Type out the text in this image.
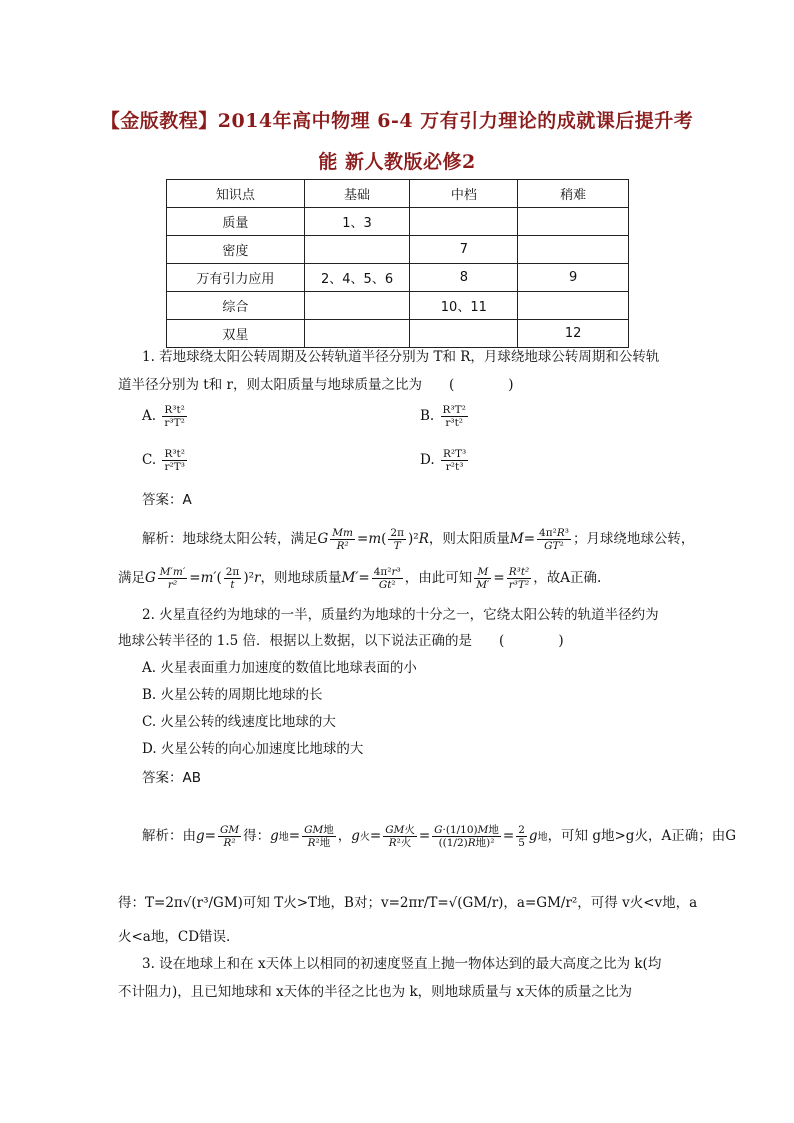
【金版教程】2014年高中物理 6-4 万有引力理论的成就课后提升考
能 新人教版必修2
知识点	基础	中档	稍难
质量	1、3		
密度		7	
万有引力应用	2、4、5、6	8	9
综合		10、11	
双星			12
1. 若地球绕太阳公转周期及公转轨道半径分别为 T和 R，月球绕地球公转周期和公转轨
道半径分别为 t和 r，则太阳质量与地球质量之比为　　(　　　　)
A. $\frac{\text{R³t²}}{\text{r³T²}}$	B. $\frac{\text{R³T²}}{\text{r³t²}}$
C. $\frac{\text{R³t²}}{\text{r²T³}}$	D. $\frac{\text{R²T³}}{\text{r²t³}}$
答案：A
解析：地球绕太阳公转，满足G $\frac{Mm}{\text{R²}} =m( \frac{2\pi}{T} )^2R$，则太阳质量$M= \frac{\text{4π²R³}}{\text{GT²}}$ ；月球绕地球公转，
满足G $\frac{M'm'}{\text{r²}} =m'( \frac{2\pi}{t} )^2r$，则地球质量$M'= \frac{\text{4π²r³}}{\text{Gt²}}$ ，由此可知 $\frac{M}{M'} = \frac{\text{R³t²}}{\text{r³T²}}$ ，故A正确.
2. 火星直径约为地球的一半，质量约为地球的十分之一，它绕太阳公转的轨道半径约为
地球公转半径的 1.5 倍．根据以上数据，以下说法正确的是　　(　　　　)
A. 火星表面重力加速度的数值比地球表面的小
B. 火星公转的周期比地球的长
C. 火星公转的线速度比地球的大
D. 火星公转的向心加速度比地球的大
答案：AB
解析：由$g= \frac{GM}{\text{R²}}$ 得：g地= $\frac{\text{GM地}}{\text{R²地}}$ ，g火= $\frac{\text{GM火}}{\text{R²火}} = \frac{\text{G·(1/10)M地}}{\text{((1/2)R地)²}} = \frac{2}{5}$ g地，可知 g地>g火，A正确；由G
得：T=2π√(r³/GM)可知 T火>T地，B对；v=2πr/T=√(GM/r)，a=GM/r²，可得 v火<v地，a
火<a地，CD错误.
3. 设在地球上和在 x天体上以相同的初速度竖直上抛一物体达到的最大高度之比为 k(均
不计阻力)，且已知地球和 x天体的半径之比也为 k，则地球质量与 x天体的质量之比为
